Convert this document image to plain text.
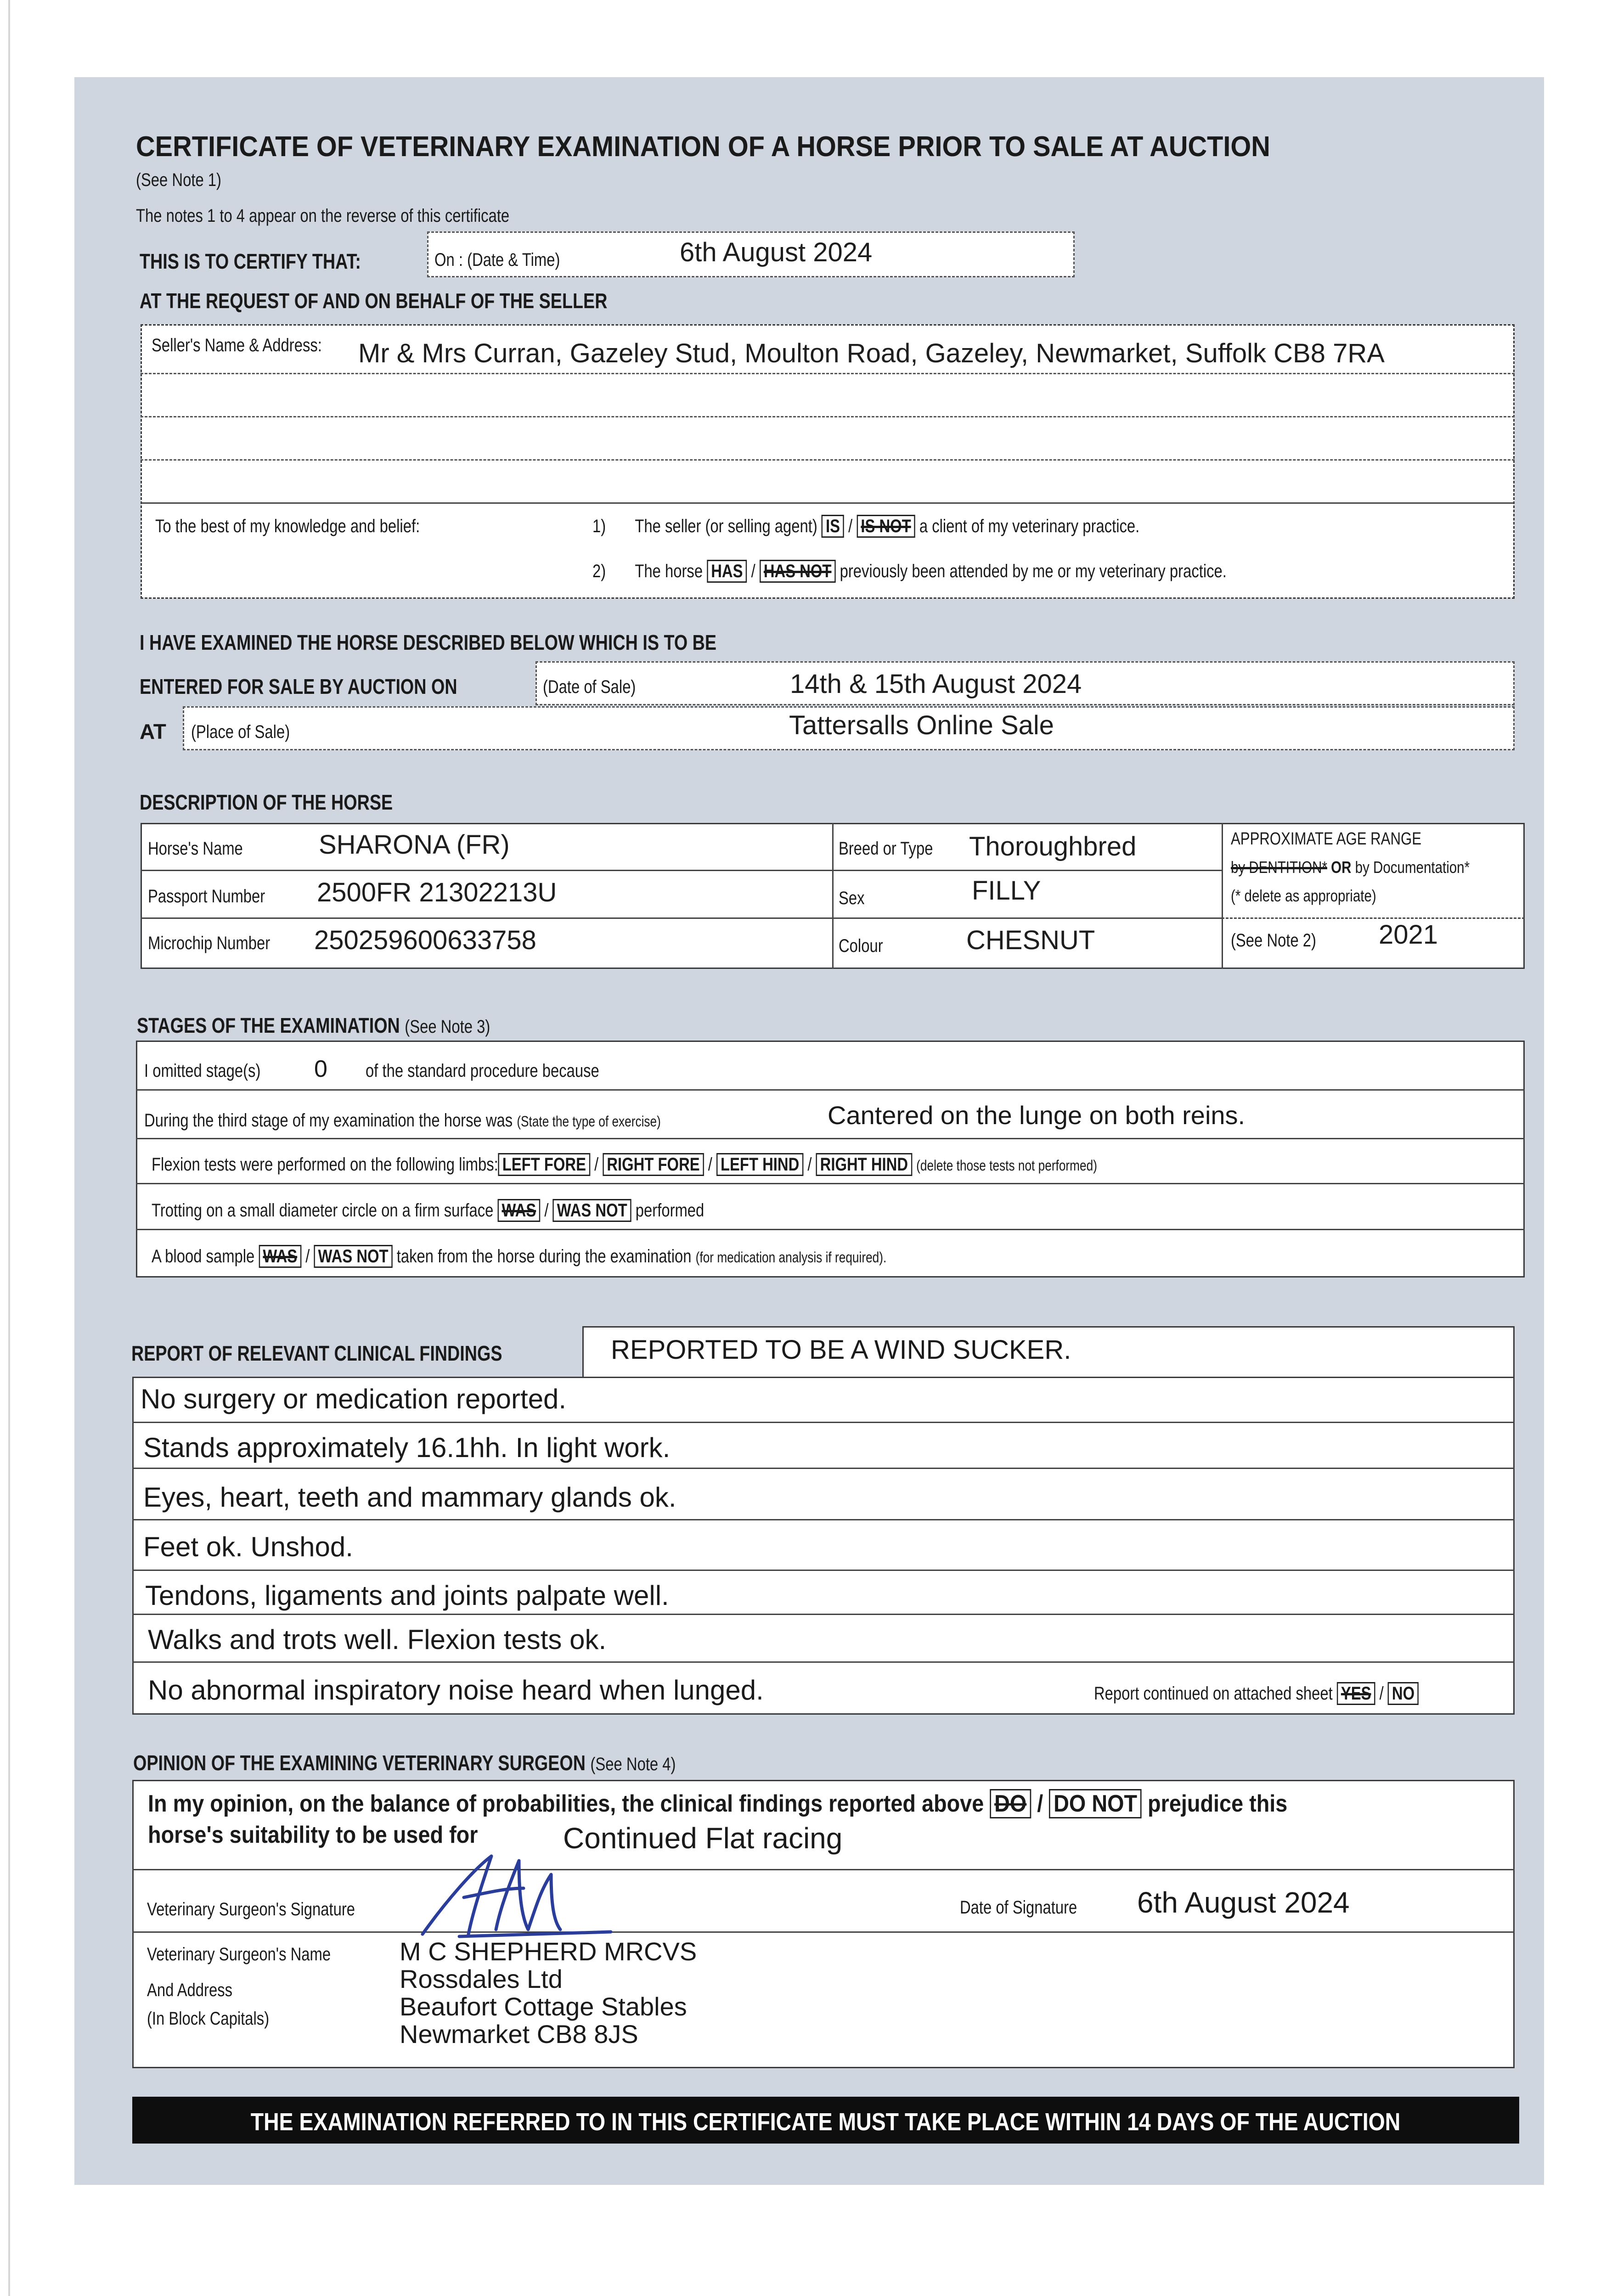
CERTIFICATE OF VETERINARY EXAMINATION OF A HORSE PRIOR TO SALE AT AUCTION
(See Note 1)
The notes 1 to 4 appear on the reverse of this certificate
THIS IS TO CERTIFY THAT:	On : (Date & Time)	6th August 2024
AT THE REQUEST OF AND ON BEHALF OF THE SELLER
Seller's Name & Address:	Mr & Mrs Curran, Gazeley Stud, Moulton Road, Gazeley, Newmarket, Suffolk CB8 7RA
To the best of my knowledge and belief:	1) The seller (or selling agent) IS / IS NOT a client of my veterinary practice.
2) The horse HAS / HAS NOT previously been attended by me or my veterinary practice.
I HAVE EXAMINED THE HORSE DESCRIBED BELOW WHICH IS TO BE
ENTERED FOR SALE BY AUCTION ON	(Date of Sale)	14th & 15th August 2024
AT (Place of Sale)	Tattersalls Online Sale
DESCRIPTION OF THE HORSE
Horse's Name	SHARONA (FR)
Passport Number	2500FR 21302213U
Microchip Number	250259600633758
Breed or Type	Thoroughbred
Sex	FILLY
Colour	CHESNUT
APPROXIMATE AGE RANGE
by DENTITION* OR by Documentation*
(* delete as appropriate)
(See Note 2)	2021
STAGES OF THE EXAMINATION (See Note 3)
I omitted stage(s)	0 of the standard procedure because
During the third stage of my examination the horse was (State the type of exercise)	Cantered on the lunge on both reins.
Flexion tests were performed on the following limbs: LEFT FORE / RIGHT FORE / LEFT HIND / RIGHT HIND (delete those tests not performed)
Trotting on a small diameter circle on a firm surface WAS / WAS NOT performed
A blood sample WAS / WAS NOT taken from the horse during the examination (for medication analysis if required).
REPORT OF RELEVANT CLINICAL FINDINGS	REPORTED TO BE A WIND SUCKER.
No surgery or medication reported.
Stands approximately 16.1hh. In light work.
Eyes, heart, teeth and mammary glands ok.
Feet ok. Unshod.
Tendons, ligaments and joints palpate well.
Walks and trots well. Flexion tests ok.
No abnormal inspiratory noise heard when lunged.	Report continued on attached sheet YES / NO
OPINION OF THE EXAMINING VETERINARY SURGEON (See Note 4)
In my opinion, on the balance of probabilities, the clinical findings reported above DO / DO NOT prejudice this
horse's suitability to be used for	Continued Flat racing
Veterinary Surgeon's Signature	Date of Signature	6th August 2024
Veterinary Surgeon's Name
And Address
(In Block Capitals)
M C SHEPHERD MRCVS
Rossdales Ltd
Beaufort Cottage Stables
Newmarket CB8 8JS
THE EXAMINATION REFERRED TO IN THIS CERTIFICATE MUST TAKE PLACE WITHIN 14 DAYS OF THE AUCTION
